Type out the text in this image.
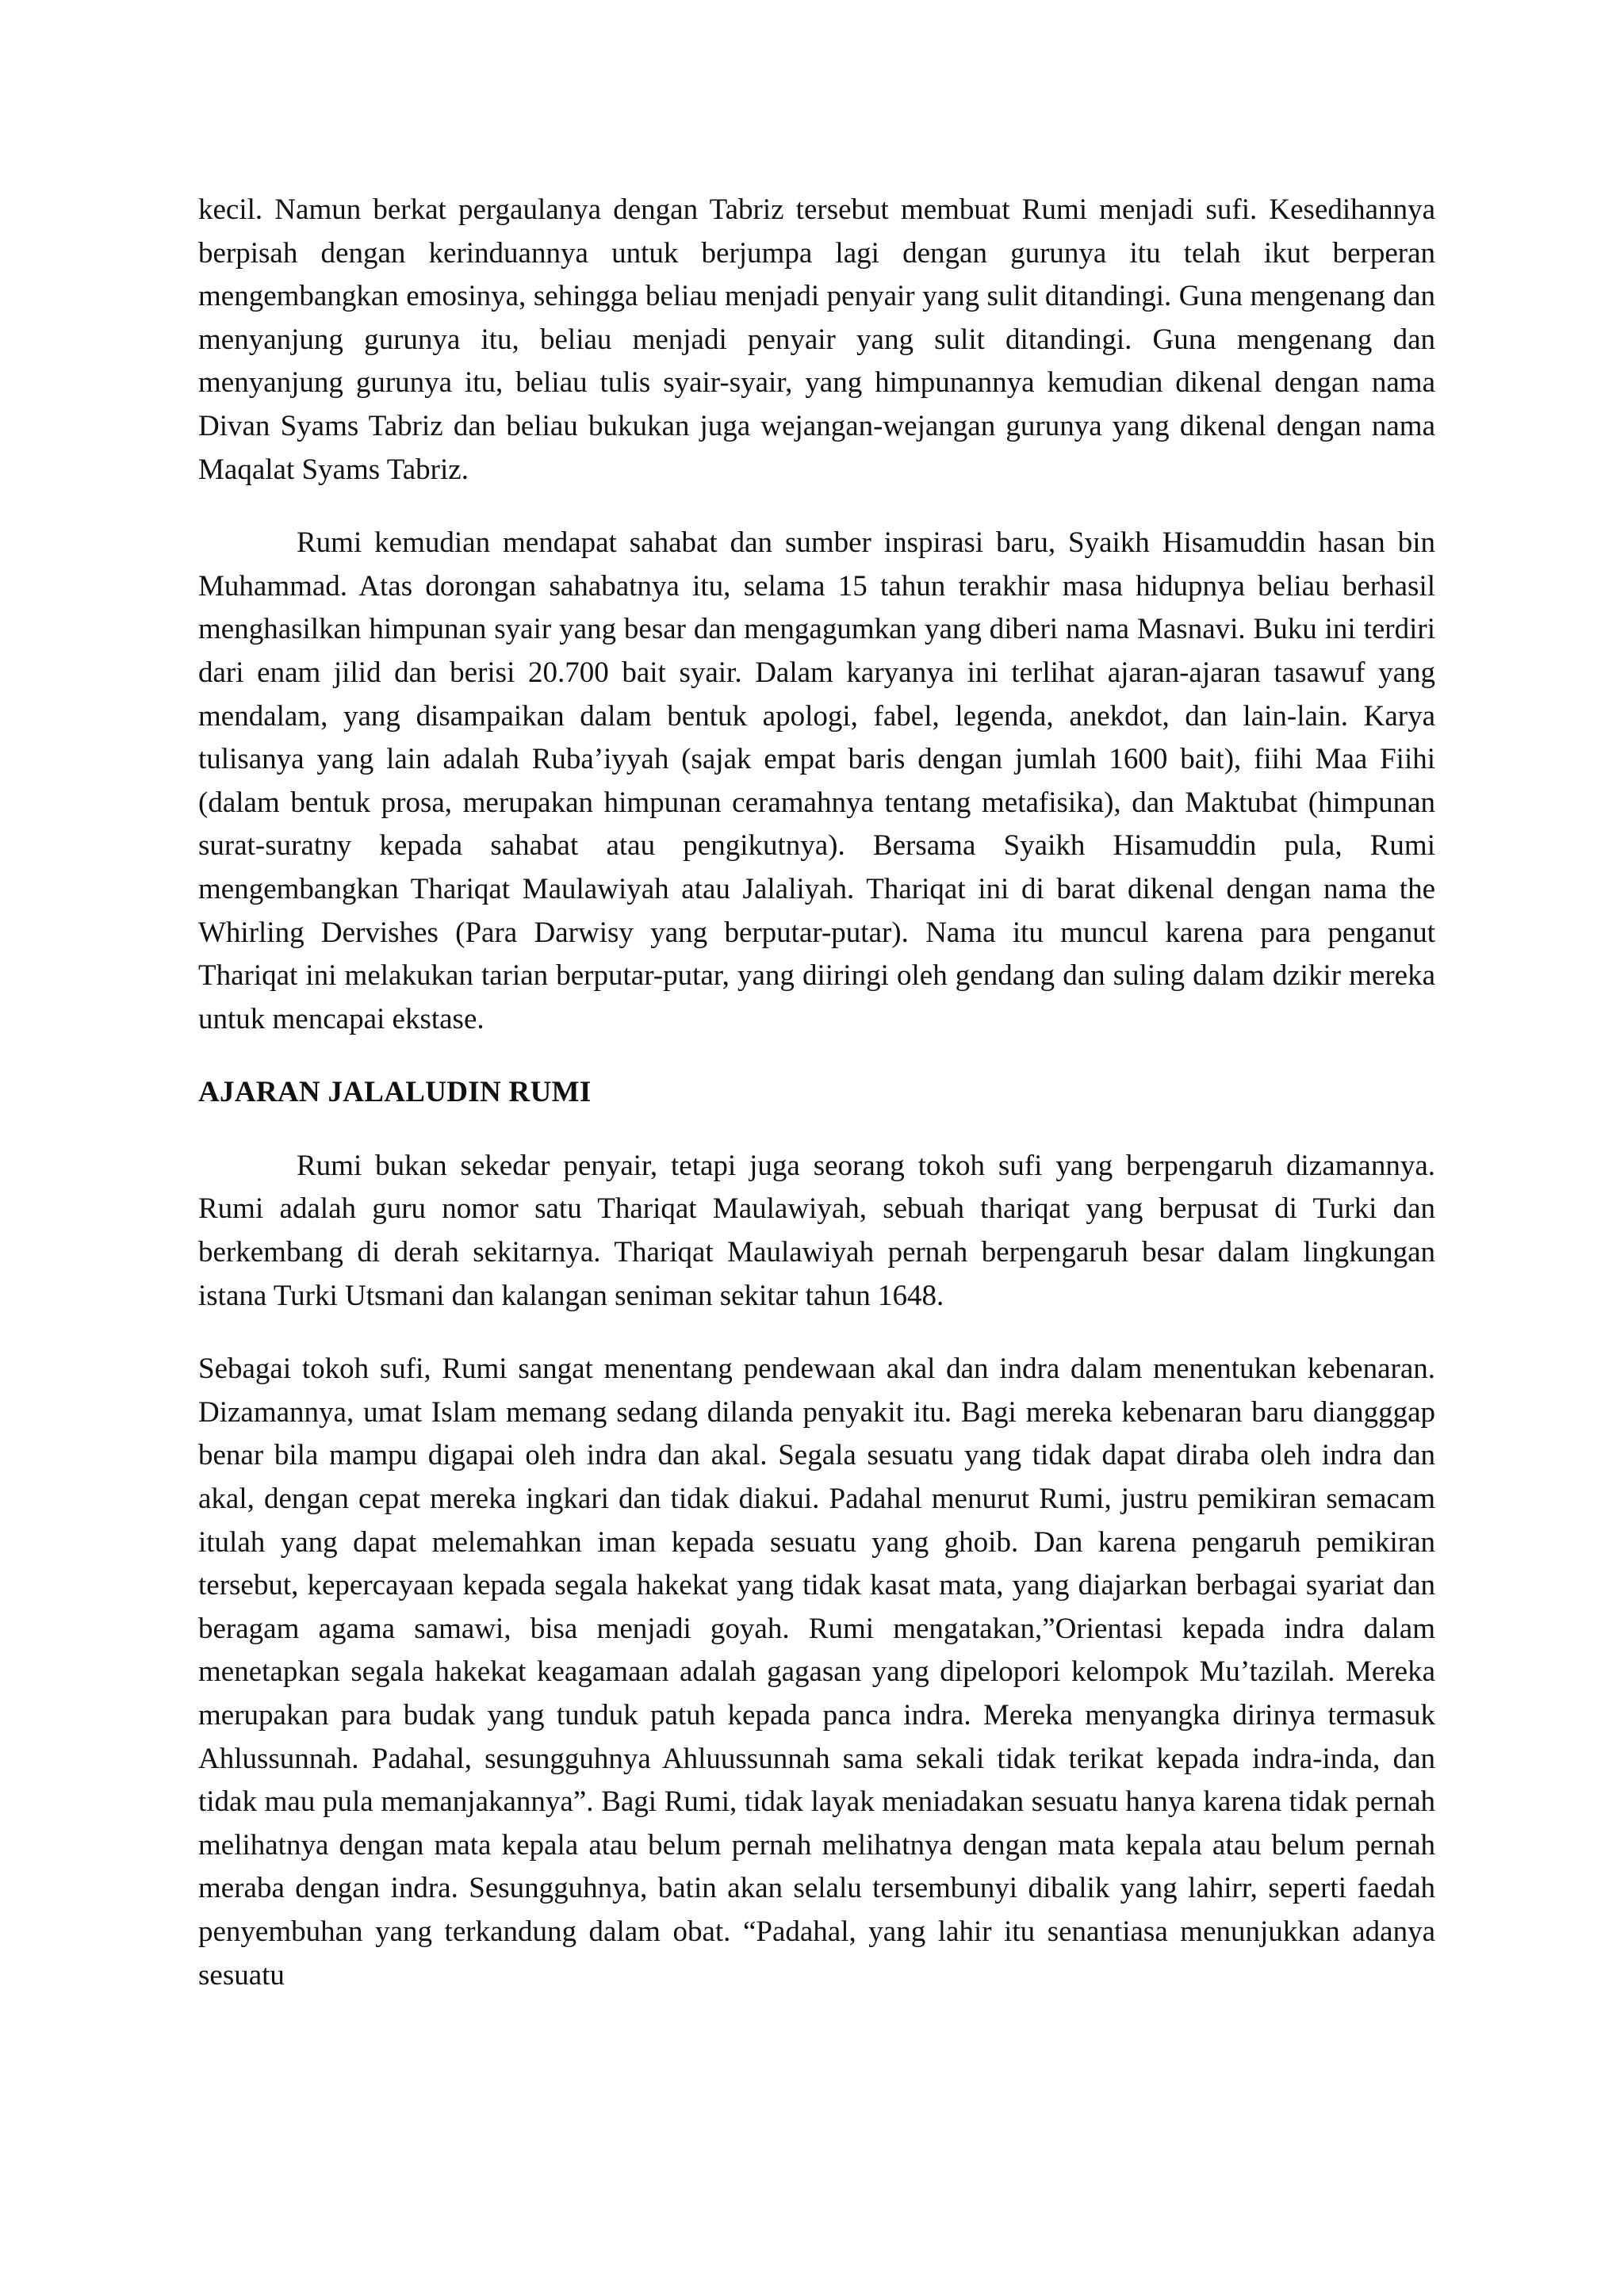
kecil. Namun berkat pergaulanya dengan Tabriz tersebut membuat Rumi menjadi sufi. Kesedihannya berpisah dengan kerinduannya untuk berjumpa lagi dengan gurunya itu telah ikut berperan mengembangkan emosinya, sehingga beliau menjadi penyair yang sulit ditandingi. Guna mengenang dan menyanjung gurunya itu, beliau menjadi penyair yang sulit ditandingi. Guna mengenang dan menyanjung gurunya itu, beliau tulis syair-syair, yang himpunannya kemudian dikenal dengan nama Divan Syams Tabriz dan beliau bukukan juga wejangan-wejangan gurunya yang dikenal dengan nama Maqalat Syams Tabriz.

Rumi kemudian mendapat sahabat dan sumber inspirasi baru, Syaikh Hisamuddin hasan bin Muhammad. Atas dorongan sahabatnya itu, selama 15 tahun terakhir masa hidupnya beliau berhasil menghasilkan himpunan syair yang besar dan mengagumkan yang diberi nama Masnavi. Buku ini terdiri dari enam jilid dan berisi 20.700 bait syair. Dalam karyanya ini terlihat ajaran-ajaran tasawuf yang mendalam, yang disampaikan dalam bentuk apologi, fabel, legenda, anekdot, dan lain-lain. Karya tulisanya yang lain adalah Ruba’iyyah (sajak empat baris dengan jumlah 1600 bait), fiihi Maa Fiihi (dalam bentuk prosa, merupakan himpunan ceramahnya tentang metafisika), dan Maktubat (himpunan surat-suratny kepada sahabat atau pengikutnya). Bersama Syaikh Hisamuddin pula, Rumi mengembangkan Thariqat Maulawiyah atau Jalaliyah. Thariqat ini di barat dikenal dengan nama the Whirling Dervishes (Para Darwisy yang berputar-putar). Nama itu muncul karena para penganut Thariqat ini melakukan tarian berputar-putar, yang diiringi oleh gendang dan suling dalam dzikir mereka untuk mencapai ekstase.

AJARAN JALALUDIN RUMI

Rumi bukan sekedar penyair, tetapi juga seorang tokoh sufi yang berpengaruh dizamannya. Rumi adalah guru nomor satu Thariqat Maulawiyah, sebuah thariqat yang berpusat di Turki dan berkembang di derah sekitarnya. Thariqat Maulawiyah pernah berpengaruh besar dalam lingkungan istana Turki Utsmani dan kalangan seniman sekitar tahun 1648.

Sebagai tokoh sufi, Rumi sangat menentang pendewaan akal dan indra dalam menentukan kebenaran. Dizamannya, umat Islam memang sedang dilanda penyakit itu. Bagi mereka kebenaran baru diangggap benar bila mampu digapai oleh indra dan akal. Segala sesuatu yang tidak dapat diraba oleh indra dan akal, dengan cepat mereka ingkari dan tidak diakui. Padahal menurut Rumi, justru pemikiran semacam itulah yang dapat melemahkan iman kepada sesuatu yang ghoib. Dan karena pengaruh pemikiran tersebut, kepercayaan kepada segala hakekat yang tidak kasat mata, yang diajarkan berbagai syariat dan beragam agama samawi, bisa menjadi goyah. Rumi mengatakan,”Orientasi kepada indra dalam menetapkan segala hakekat keagamaan adalah gagasan yang dipelopori kelompok Mu’tazilah. Mereka merupakan para budak yang tunduk patuh kepada panca indra. Mereka menyangka dirinya termasuk Ahlussunnah. Padahal, sesungguhnya Ahluussunnah sama sekali tidak terikat kepada indra-inda, dan tidak mau pula memanjakannya”. Bagi Rumi, tidak layak meniadakan sesuatu hanya karena tidak pernah melihatnya dengan mata kepala atau belum pernah melihatnya dengan mata kepala atau belum pernah meraba dengan indra. Sesungguhnya, batin akan selalu tersembunyi dibalik yang lahirr, seperti faedah penyembuhan yang terkandung dalam obat. “Padahal, yang lahir itu senantiasa menunjukkan adanya sesuatu
